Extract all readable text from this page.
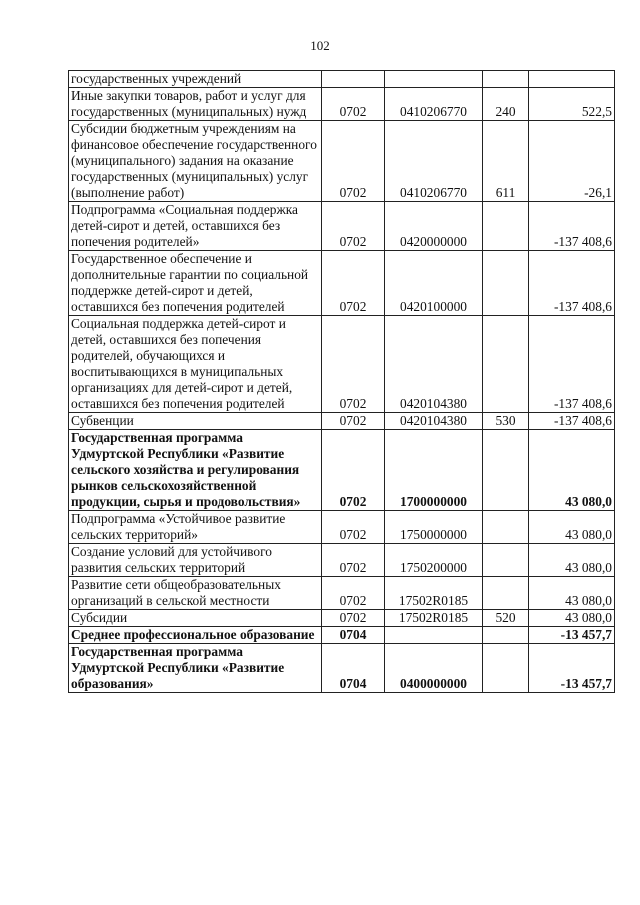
102
государственных учреждений				
Иные закупки товаров, работ и услуг для государственных (муниципальных) нужд	0702	0410206770	240	522,5
Субсидии бюджетным учреждениям на финансовое обеспечение государственного (муниципального) задания на оказание государственных (муниципальных) услуг (выполнение работ)	0702	0410206770	611	-26,1
Подпрограмма «Социальная поддержка детей-сирот и детей, оставшихся без попечения родителей»	0702	0420000000		-137 408,6
Государственное обеспечение и дополнительные гарантии по социальной поддержке детей-сирот и детей, оставшихся без попечения родителей	0702	0420100000		-137 408,6
Социальная поддержка детей-сирот и детей, оставшихся без попечения родителей, обучающихся и воспитывающихся в муниципальных организациях для детей-сирот и детей, оставшихся без попечения родителей	0702	0420104380		-137 408,6
Субвенции	0702	0420104380	530	-137 408,6
Государственная программа Удмуртской Республики «Развитие сельского хозяйства и регулирования рынков сельскохозяйственной продукции, сырья и продовольствия»	0702	1700000000		43 080,0
Подпрограмма «Устойчивое развитие сельских территорий»	0702	1750000000		43 080,0
Создание условий для устойчивого развития сельских территорий	0702	1750200000		43 080,0
Развитие сети общеобразовательных организаций в сельской местности	0702	17502R0185		43 080,0
Субсидии	0702	17502R0185	520	43 080,0
Среднее профессиональное образование	0704			-13 457,7
Государственная программа Удмуртской Республики «Развитие образования»	0704	0400000000		-13 457,7
